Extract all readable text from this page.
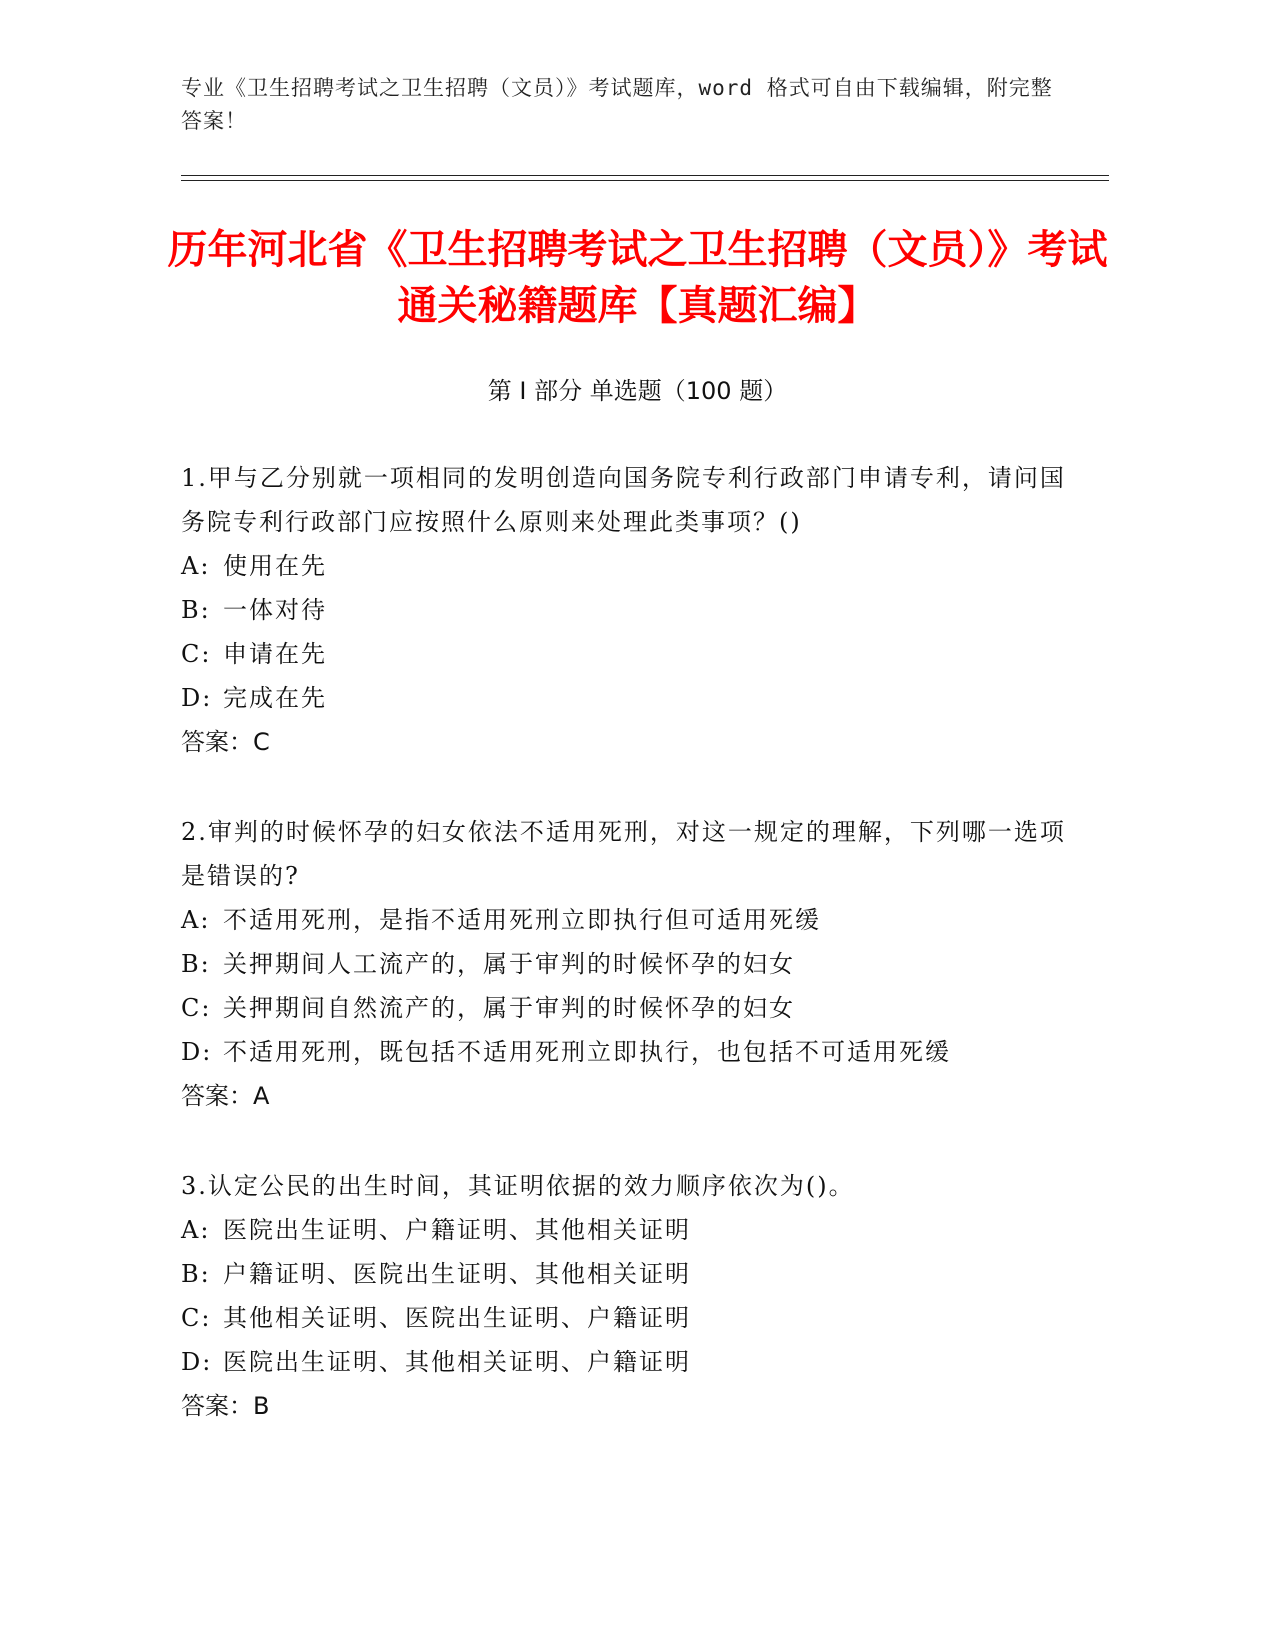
专业《卫生招聘考试之卫生招聘（文员）》考试题库，word 格式可自由下载编辑，附完整答案！
历年河北省《卫生招聘考试之卫生招聘（文员）》考试通关秘籍题库【真题汇编】
第 I 部分 单选题（100 题）

1.甲与乙分别就一项相同的发明创造向国务院专利行政部门申请专利，请问国务院专利行政部门应按照什么原则来处理此类事项？()

A: 使用在先

B: 一体对待

C: 申请在先

D: 完成在先

答案：C

2.审判的时候怀孕的妇女依法不适用死刑，对这一规定的理解，下列哪一选项是错误的?

A: 不适用死刑，是指不适用死刑立即执行但可适用死缓

B: 关押期间人工流产的，属于审判的时候怀孕的妇女

C: 关押期间自然流产的，属于审判的时候怀孕的妇女

D: 不适用死刑，既包括不适用死刑立即执行，也包括不可适用死缓

答案：A

3.认定公民的出生时间，其证明依据的效力顺序依次为()。

A: 医院出生证明、户籍证明、其他相关证明

B: 户籍证明、医院出生证明、其他相关证明

C: 其他相关证明、医院出生证明、户籍证明

D: 医院出生证明、其他相关证明、户籍证明

答案：B
